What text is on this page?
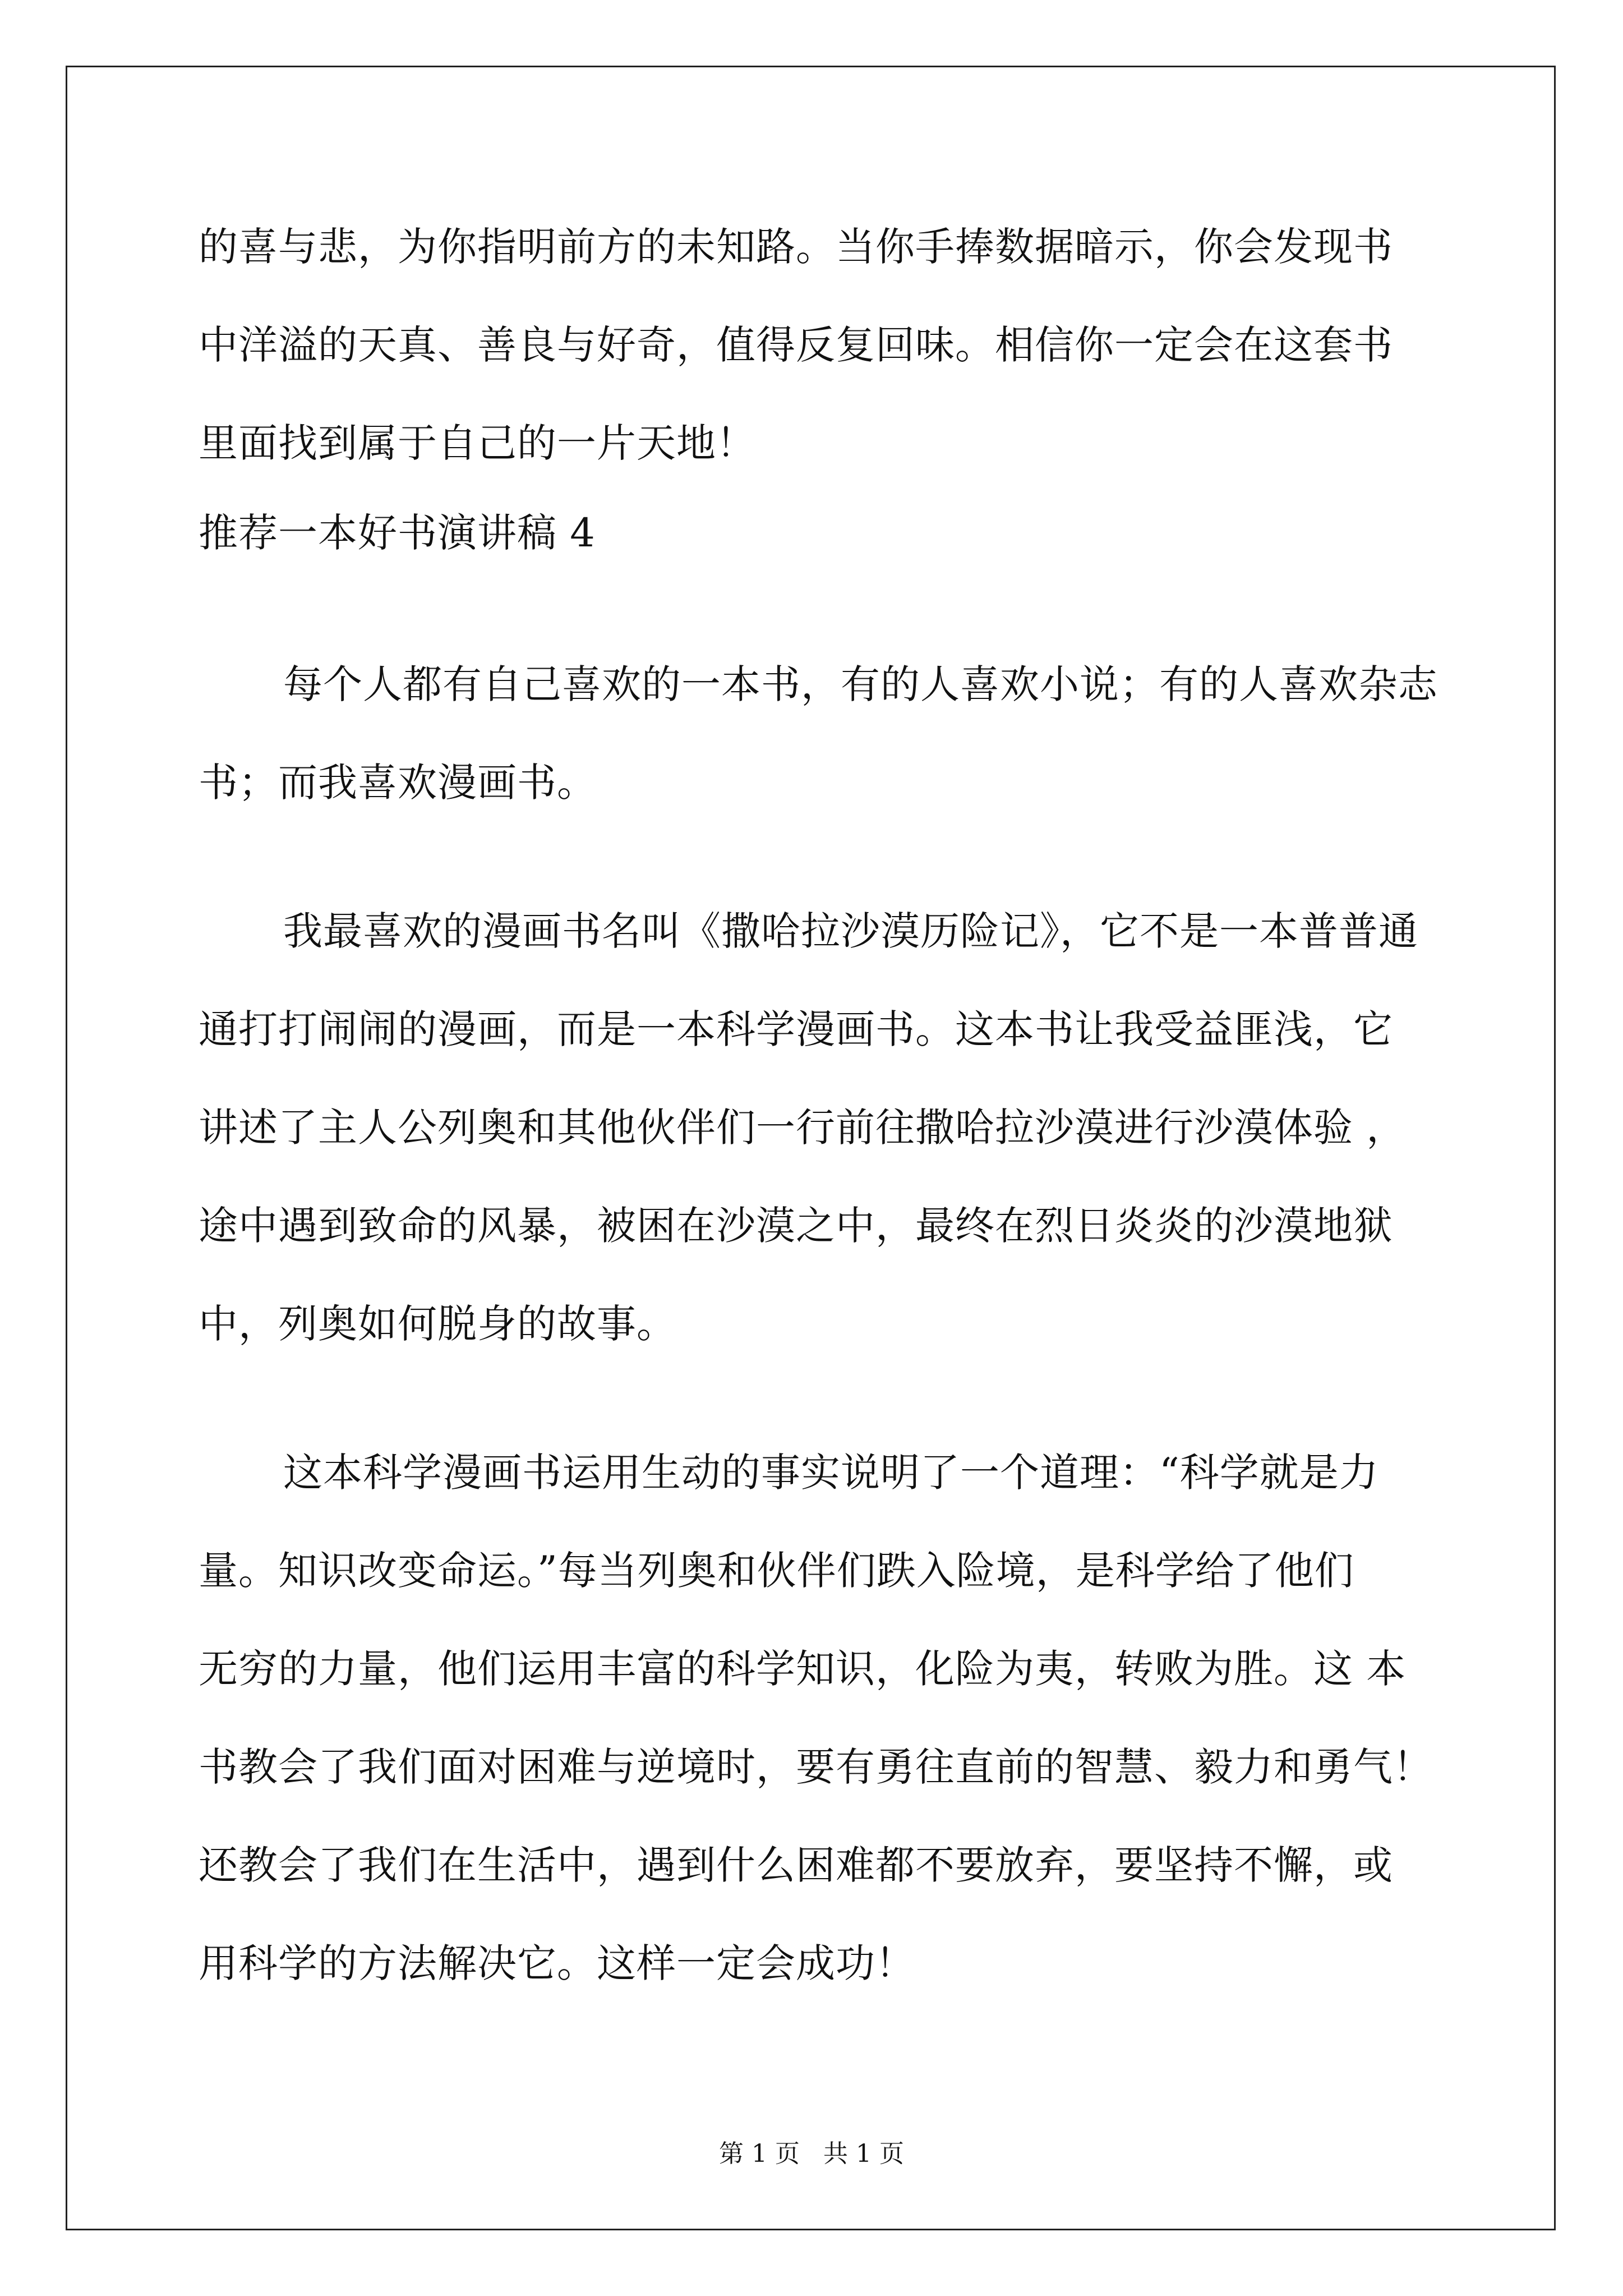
的喜与悲，为你指明前方的未知路。当你手捧数据暗示，你会发现书
中洋溢的天真、善良与好奇，值得反复回味。相信你一定会在这套书
里面找到属于自己的一片天地！
推荐一本好书演讲稿 4
每个人都有自己喜欢的一本书，有的人喜欢小说；有的人喜欢杂志
书；而我喜欢漫画书。
我最喜欢的漫画书名叫《撒哈拉沙漠历险记》，它不是一本普普通
通打打闹闹的漫画，而是一本科学漫画书。这本书让我受益匪浅，它
讲述了主人公列奥和其他伙伴们一行前往撒哈拉沙漠进行沙漠体验 ，
途中遇到致命的风暴，被困在沙漠之中，最终在烈日炎炎的沙漠地狱
中，列奥如何脱身的故事。
这本科学漫画书运用生动的事实说明了一个道理：“科学就是力
量。知识改变命运。”每当列奥和伙伴们跌入险境，是科学给了他们
无穷的力量，他们运用丰富的科学知识，化险为夷，转败为胜。这 本
书教会了我们面对困难与逆境时，要有勇往直前的智慧、毅力和勇气！
还教会了我们在生活中，遇到什么困难都不要放弃，要坚持不懈，或
用科学的方法解决它。这样一定会成功！
第 1 页   共 1 页
